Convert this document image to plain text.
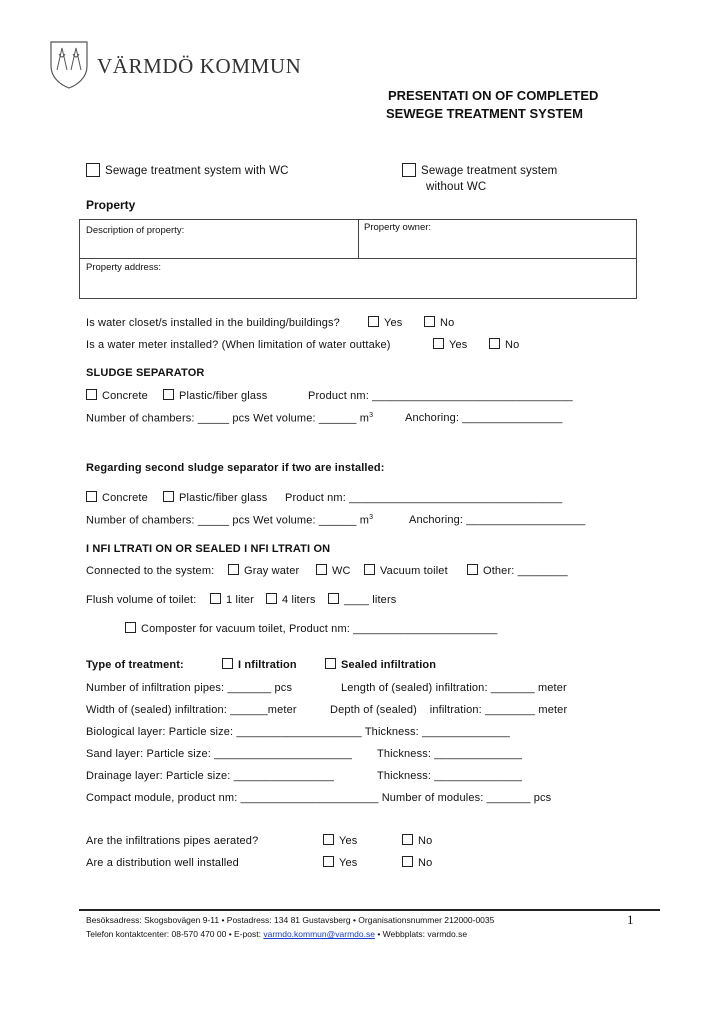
VÄRMDÖ KOMMUN
PRESENTATI ON OF COMPLETED
SEWEGE TREATMENT SYSTEM
Sewage treatment system with WC	Sewage treatment system
without WC
Property
Description of property:	Property owner:
Property address:
Is water closet/s installed in the building/buildings?	Yes	No
Is a water meter installed? (When limitation of water outtake)	Yes	No
SLUDGE SEPARATOR
Concrete	Plastic/fiber glass	Product nm: ________________________________
Number of chambers: _____ pcs Wet volume: ______ $m^3$	Anchoring: ________________
Regarding second sludge separator if two are installed:
Concrete	Plastic/fiber glass Product nm: __________________________________
Number of chambers: _____ pcs Wet volume: ______ $m^3$	Anchoring: ___________________
I NFI LTRATI ON OR SEALED I NFI LTRATI ON
Connected to the system:	Gray water	WC	Vacuum toilet	Other: ________
Flush volume of toilet:	1 liter	4 liters	____ liters
Composter for vacuum toilet, Product nm: _______________________
Type of treatment:	I nfiltration	Sealed infiltration
Number of infiltration pipes: _______ pcs	Length of (sealed) infiltration: _______ meter
Width of (sealed) infiltration: ______meter	Depth of (sealed)    infiltration: ________ meter
Biological layer: Particle size: ____________________ Thickness: ______________
Sand layer: Particle size: ______________________ Thickness: ______________
Drainage layer: Particle size: ________________	Thickness: ______________
Compact module, product nm: ______________________ Number of modules: _______ pcs
Are the infiltrations pipes aerated?	Yes	No
Are a distribution well installed	Yes	No
Besöksadress: Skogsbovägen 9-11 • Postadress: 134 81 Gustavsberg • Organisationsnummer 212000-0035	1
Telefon kontaktcenter: 08-570 470 00 • E-post: varmdo.kommun@varmdo.se • Webbplats: varmdo.se
